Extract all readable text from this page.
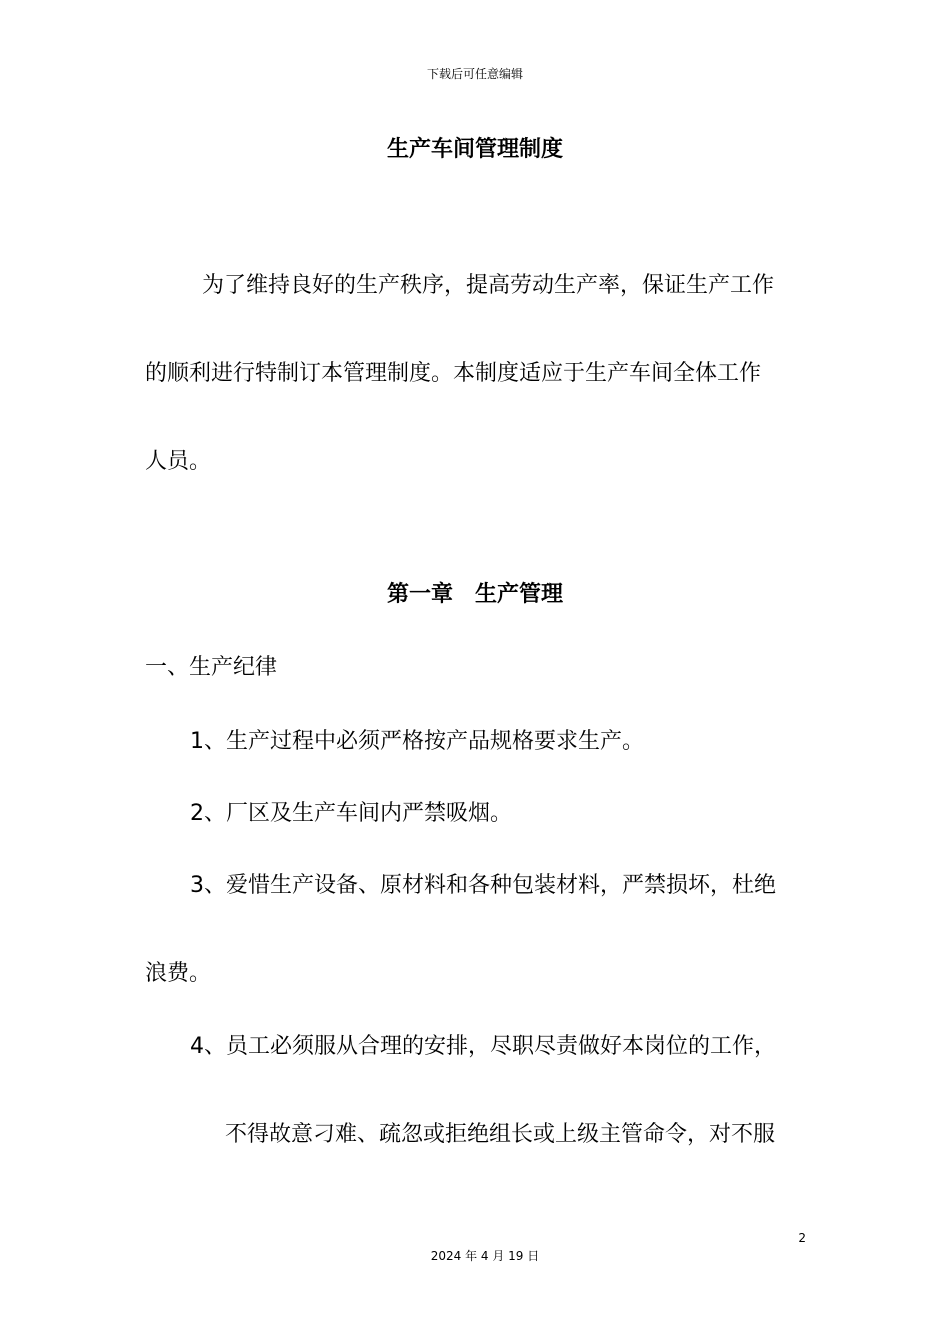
下载后可任意编辑
生产车间管理制度
为了维持良好的生产秩序，提高劳动生产率，保证生产工作
的顺利进行特制订本管理制度。本制度适应于生产车间全体工作
人员。
第一章　生产管理
一、生产纪律
1、生产过程中必须严格按产品规格要求生产。
2、厂区及生产车间内严禁吸烟。
3、爱惜生产设备、原材料和各种包装材料，严禁损坏，杜绝
浪费。
4、员工必须服从合理的安排，尽职尽责做好本岗位的工作，
不得故意刁难、疏忽或拒绝组长或上级主管命令，对不服
2
2024 年 4 月 19 日
